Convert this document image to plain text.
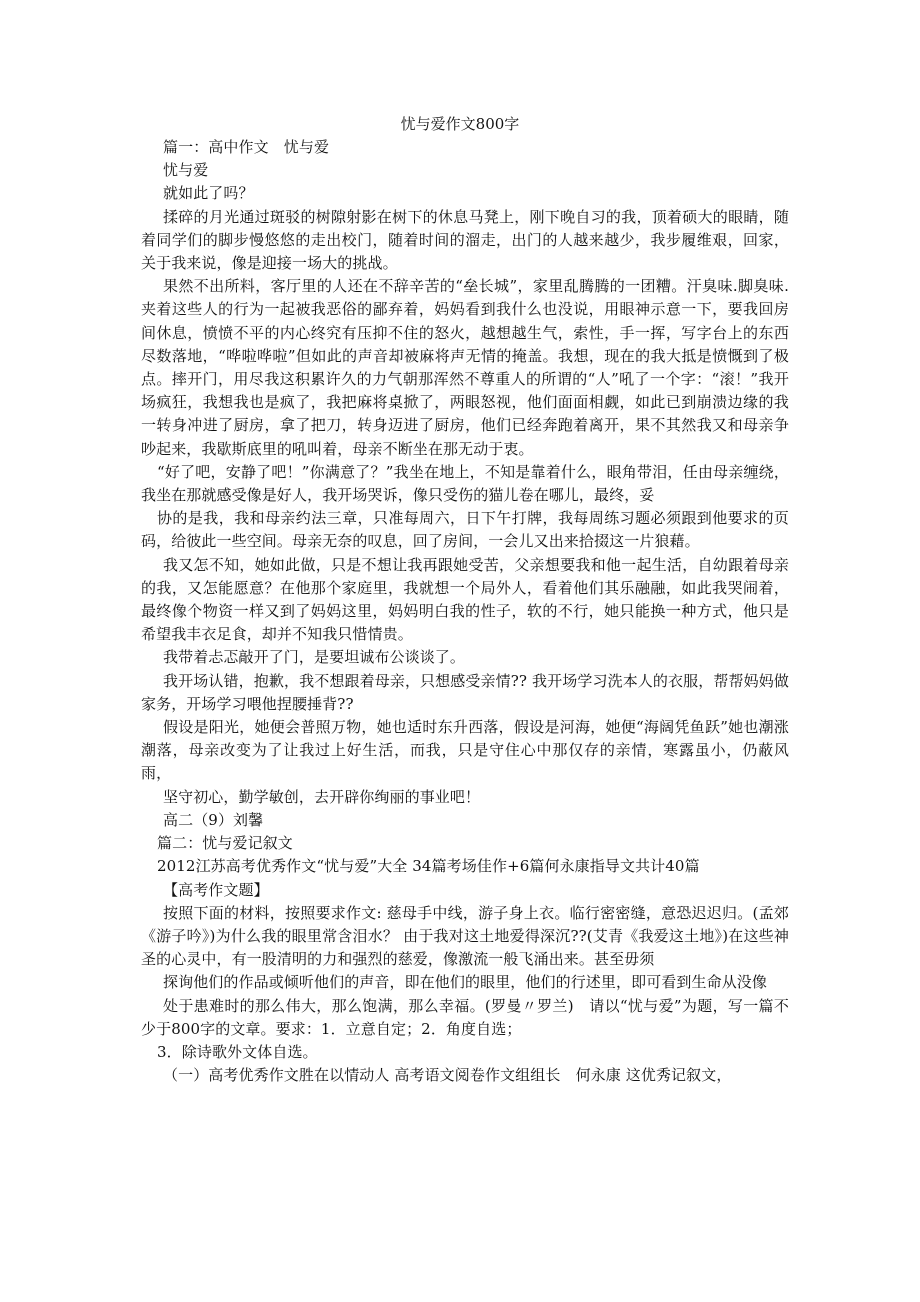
忧与爱作文800字

篇一：高中作文　忧与爱

忧与爱

就如此了吗？

揉碎的月光通过斑驳的树隙射影在树下的休息马凳上，刚下晚自习的我，顶着硕大的眼睛，随着同学们的脚步慢悠悠的走出校门，随着时间的溜走，出门的人越来越少，我步履维艰，回家，关于我来说，像是迎接一场大的挑战。

果然不出所料，客厅里的人还在不辞辛苦的“垒长城”，家里乱腾腾的一团糟。汗臭味.脚臭味.夹着这些人的行为一起被我恶俗的鄙弃着，妈妈看到我什么也没说，用眼神示意一下，要我回房间休息，愤愤不平的内心终究有压抑不住的怒火，越想越生气，索性，手一挥，写字台上的东西尽数落地，“哗啦哗啦”但如此的声音却被麻将声无情的掩盖。我想，现在的我大抵是愤慨到了极点。摔开门，用尽我这积累许久的力气朝那浑然不尊重人的所谓的“人”吼了一个字：“滚！”我开场疯狂，我想我也是疯了，我把麻将桌掀了，两眼怒视，他们面面相觑，如此已到崩溃边缘的我一转身冲进了厨房，拿了把刀，转身迈进了厨房，他们已经奔跑着离开，果不其然我又和母亲争吵起来，我歇斯底里的吼叫着，母亲不断坐在那无动于衷。

“好了吧，安静了吧！”你满意了？”我坐在地上，不知是靠着什么，眼角带泪，任由母亲缠绕，我坐在那就感受像是好人，我开场哭诉，像只受伤的猫儿卷在哪儿，最终，妥

协的是我，我和母亲约法三章，只准每周六，日下午打牌，我每周练习题必须跟到他要求的页码，给彼此一些空间。母亲无奈的叹息，回了房间，一会儿又出来拾掇这一片狼藉。

我又怎不知，她如此做，只是不想让我再跟她受苦，父亲想要我和他一起生活，自幼跟着母亲的我，又怎能愿意？在他那个家庭里，我就想一个局外人，看着他们其乐融融，如此我哭闹着，最终像个物资一样又到了妈妈这里，妈妈明白我的性子，软的不行，她只能换一种方式，他只是希望我丰衣足食，却并不知我只惜情贵。

我带着忐忑敲开了门，是要坦诚布公谈谈了。

我开场认错，抱歉，我不想跟着母亲，只想感受亲情?? 我开场学习洗本人的衣服，帮帮妈妈做家务，开场学习喂他捏腰捶背??

假设是阳光，她便会普照万物，她也适时东升西落，假设是河海，她便“海阔凭鱼跃”她也潮涨潮落，母亲改变为了让我过上好生活，而我，只是守住心中那仅存的亲情，寒露虽小，仍蔽风雨，

坚守初心，勤学敏创，去开辟你绚丽的事业吧！

高二（9）刘馨

篇二：忧与爱记叙文

2012江苏高考优秀作文“忧与爱”大全 34篇考场佳作+6篇何永康指导文共计40篇

【高考作文题】

按照下面的材料，按照要求作文: 慈母手中线，游子身上衣。临行密密缝，意恐迟迟归。(孟郊《游子吟》)为什么我的眼里常含泪水？ 由于我对这土地爱得深沉??(艾青《我爱这土地》)在这些神圣的心灵中，有一股清明的力和强烈的慈爱，像激流一般飞涌出来。甚至毋须

探询他们的作品或倾听他们的声音，即在他们的眼里，他们的行述里，即可看到生命从没像

处于患难时的那么伟大，那么饱满，那么幸福。(罗曼〃罗兰)　请以“忧与爱”为题，写一篇不少于800字的文章。要求：1．立意自定；2．角度自选；

3．除诗歌外文体自选。

（一）高考优秀作文胜在以情动人 高考语文阅卷作文组组长　何永康 这优秀记叙文，
